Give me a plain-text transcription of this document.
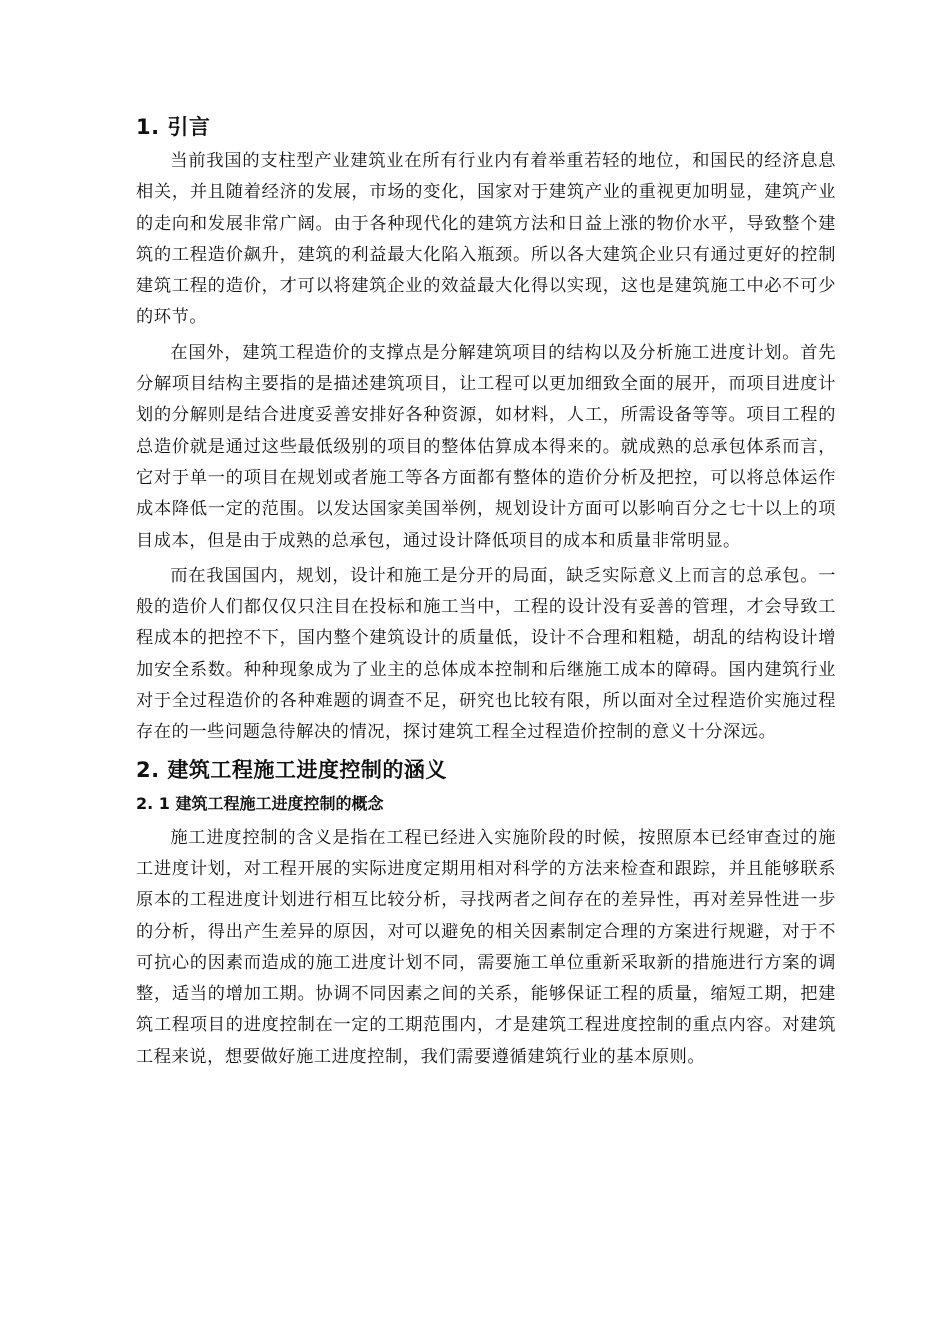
1. 引言

当前我国的支柱型产业建筑业在所有行业内有着举重若轻的地位，和国民的经济息息相关，并且随着经济的发展，市场的变化，国家对于建筑产业的重视更加明显，建筑产业的走向和发展非常广阔。由于各种现代化的建筑方法和日益上涨的物价水平，导致整个建筑的工程造价飙升，建筑的利益最大化陷入瓶颈。所以各大建筑企业只有通过更好的控制建筑工程的造价，才可以将建筑企业的效益最大化得以实现，这也是建筑施工中必不可少的环节。

在国外，建筑工程造价的支撑点是分解建筑项目的结构以及分析施工进度计划。首先分解项目结构主要指的是描述建筑项目，让工程可以更加细致全面的展开，而项目进度计划的分解则是结合进度妥善安排好各种资源，如材料，人工，所需设备等等。项目工程的总造价就是通过这些最低级别的项目的整体估算成本得来的。就成熟的总承包体系而言，它对于单一的项目在规划或者施工等各方面都有整体的造价分析及把控，可以将总体运作成本降低一定的范围。以发达国家美国举例，规划设计方面可以影响百分之七十以上的项目成本，但是由于成熟的总承包，通过设计降低项目的成本和质量非常明显。

而在我国国内，规划，设计和施工是分开的局面，缺乏实际意义上而言的总承包。一般的造价人们都仅仅只注目在投标和施工当中，工程的设计没有妥善的管理，才会导致工程成本的把控不下，国内整个建筑设计的质量低，设计不合理和粗糙，胡乱的结构设计增加安全系数。种种现象成为了业主的总体成本控制和后继施工成本的障碍。国内建筑行业对于全过程造价的各种难题的调查不足，研究也比较有限，所以面对全过程造价实施过程存在的一些问题急待解决的情况，探讨建筑工程全过程造价控制的意义十分深远。

2. 建筑工程施工进度控制的涵义
2. 1 建筑工程施工进度控制的概念

施工进度控制的含义是指在工程已经进入实施阶段的时候，按照原本已经审查过的施工进度计划，对工程开展的实际进度定期用相对科学的方法来检查和跟踪，并且能够联系原本的工程进度计划进行相互比较分析，寻找两者之间存在的差异性，再对差异性进一步的分析，得出产生差异的原因，对可以避免的相关因素制定合理的方案进行规避，对于不可抗心的因素而造成的施工进度计划不同，需要施工单位重新采取新的措施进行方案的调整，适当的增加工期。协调不同因素之间的关系，能够保证工程的质量，缩短工期，把建筑工程项目的进度控制在一定的工期范围内，才是建筑工程进度控制的重点内容。对建筑工程来说，想要做好施工进度控制，我们需要遵循建筑行业的基本原则。
